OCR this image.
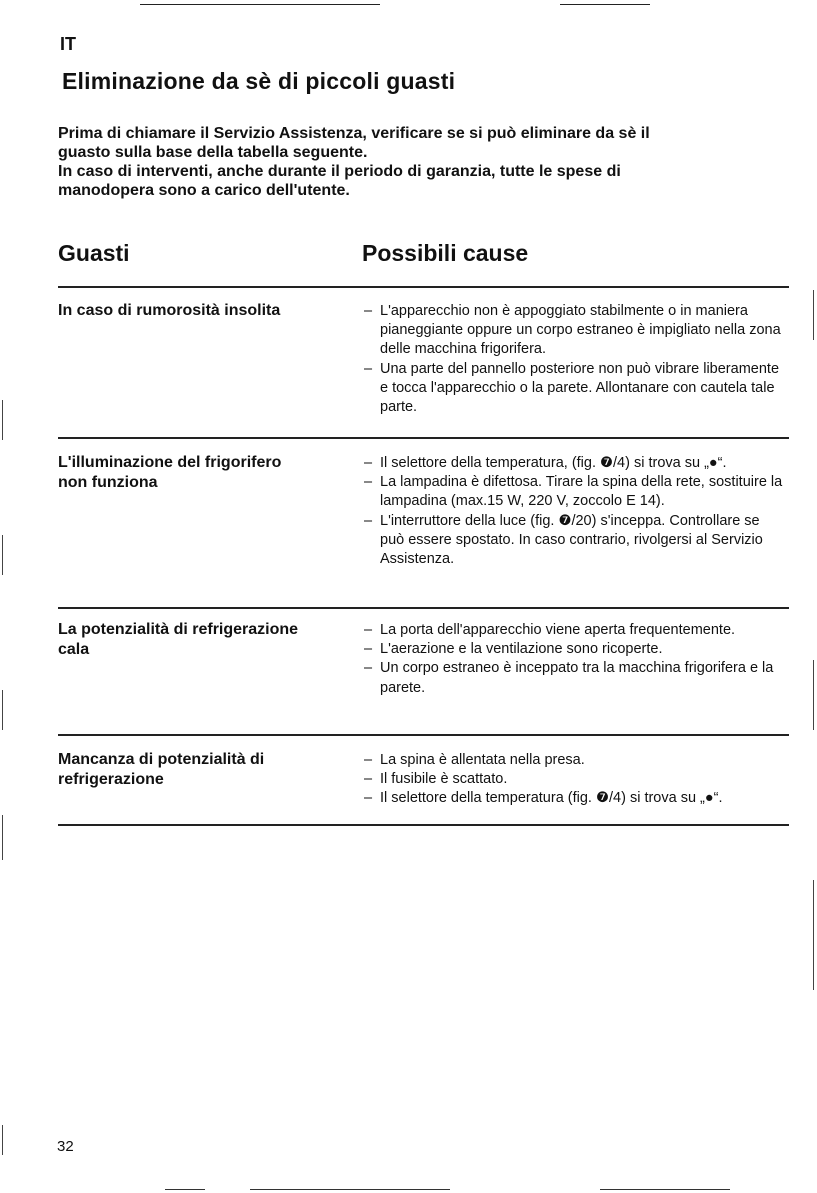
IT
Eliminazione da sè di piccoli guasti

Prima di chiamare il Servizio Assistenza, verificare se si può eliminare da sè il

guasto sulla base della tabella seguente.

In caso di interventi, anche durante il periodo di garanzia, tutte le spese di

manodopera sono a carico dell'utente.

Guasti	Possibili cause
In caso di rumorosità insolita
–	L'apparecchio non è appoggiato stabilmente o in maniera pianeggiante oppure un corpo estraneo è impigliato nella zona delle macchina frigorifera.
– Una parte del pannello posteriore non può vibrare liberamente e tocca l'apparecchio o la parete. Allontanare con cautela tale parte.
L'illuminazione del frigorifero
non funziona
– Il selettore della temperatura, (fig. ❼/4) si trova su „●“.
– La lampadina è difettosa. Tirare la spina della rete, sostituire la lampadina (max.15 W, 220 V, zoccolo E 14).
– L'interruttore della luce (fig. ❼/20) s'inceppa. Controllare se può essere spostato. In caso contrario, rivolgersi al Servizio Assistenza.
La potenzialità di refrigerazione
cala
– La porta dell'apparecchio viene aperta frequentemente.
– L'aerazione e la ventilazione sono ricoperte.
– Un corpo estraneo è inceppato tra la macchina frigorifera e la parete.
Mancanza di potenzialità di
refrigerazione
– La spina è allentata nella presa.
– Il fusibile è scattato.
– Il selettore della temperatura (fig. ❼/4) si trova su „●“.
32
